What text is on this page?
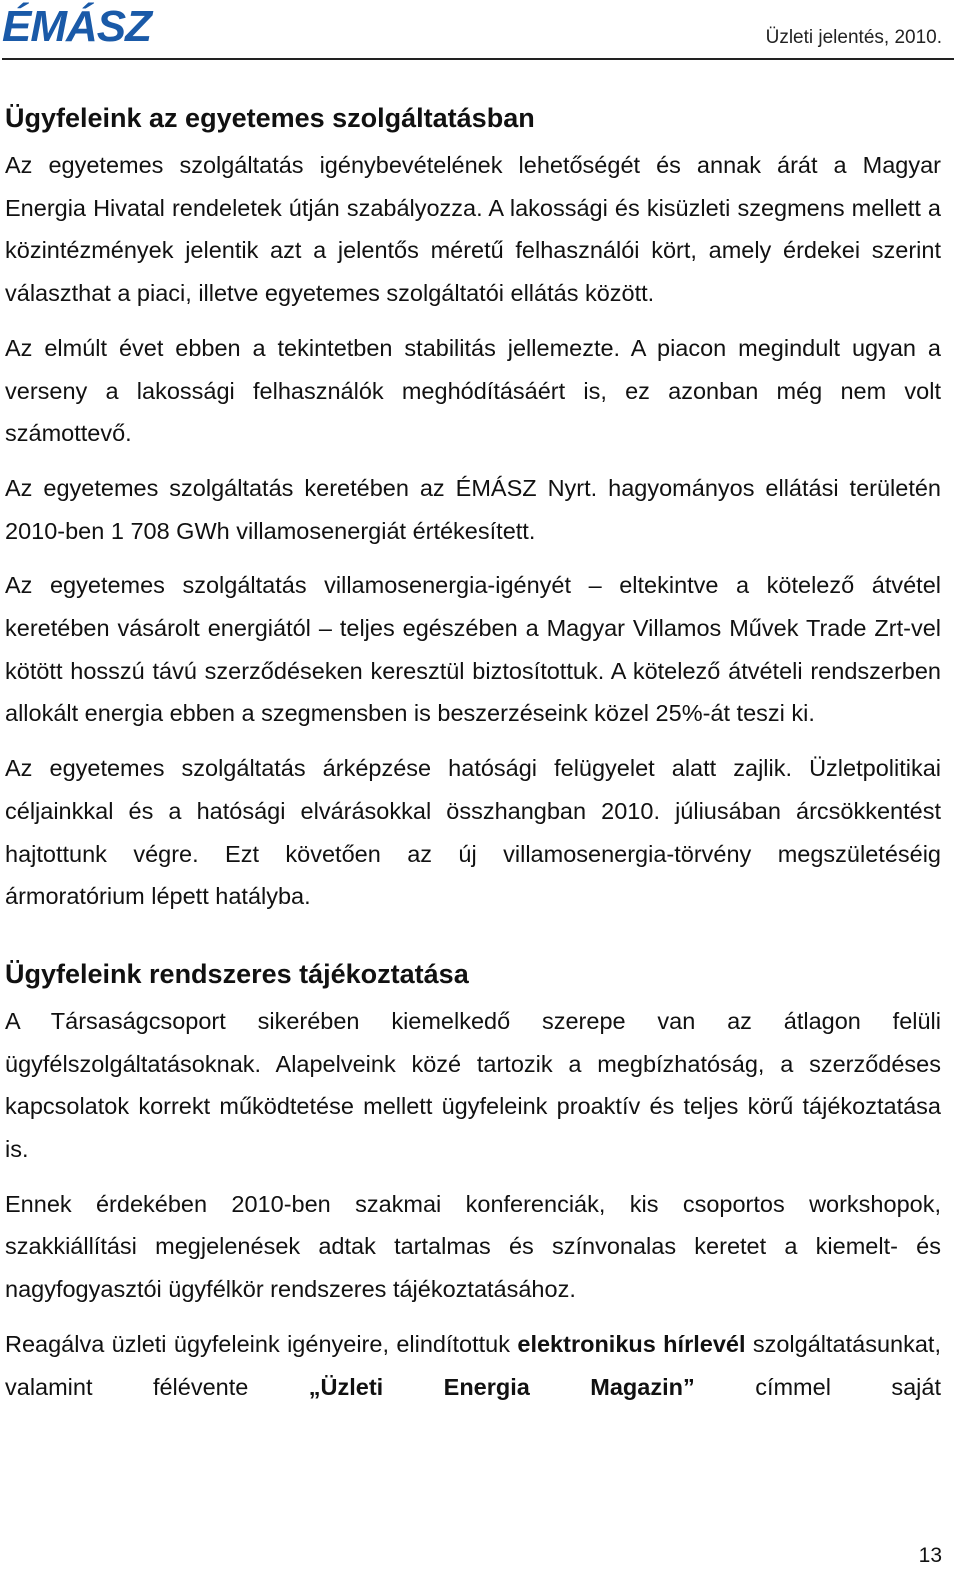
ÉMÁSZ	Üzleti jelentés, 2010.
Ügyfeleink az egyetemes szolgáltatásban

Az egyetemes szolgáltatás igénybevételének lehetőségét és annak árát a Magyar Energia Hivatal rendeletek útján szabályozza. A lakossági és kisüzleti szegmens mellett a közintézmények jelentik azt a jelentős méretű felhasználói kört, amely érdekei szerint választhat a piaci, illetve egyetemes szolgáltatói ellátás között.

Az elmúlt évet ebben a tekintetben stabilitás jellemezte. A piacon megindult ugyan a verseny a lakossági felhasználók meghódításáért is, ez azonban még nem volt számottevő.

Az egyetemes szolgáltatás keretében az ÉMÁSZ Nyrt. hagyományos ellátási területén 2010-ben 1 708 GWh villamosenergiát értékesített.

Az egyetemes szolgáltatás villamosenergia-igényét – eltekintve a kötelező átvétel keretében vásárolt energiától – teljes egészében a Magyar Villamos Művek Trade Zrt-vel kötött hosszú távú szerződéseken keresztül biztosítottuk. A kötelező átvételi rendszerben allokált energia ebben a szegmensben is beszerzéseink közel 25%-át teszi ki.

Az egyetemes szolgáltatás árképzése hatósági felügyelet alatt zajlik. Üzletpolitikai céljainkkal és a hatósági elvárásokkal összhangban 2010. júliusában árcsökkentést hajtottunk végre. Ezt követően az új villamosenergia-törvény megszületéséig ármoratórium lépett hatályba.

Ügyfeleink rendszeres tájékoztatása

A Társaságcsoport sikerében kiemelkedő szerepe van az átlagon felüli ügyfélszolgáltatásoknak. Alapelveink közé tartozik a megbízhatóság, a szerződéses kapcsolatok korrekt működtetése mellett ügyfeleink proaktív és teljes körű tájékoztatása is.

Ennek érdekében 2010-ben szakmai konferenciák, kis csoportos workshopok, szakkiállítási megjelenések adtak tartalmas és színvonalas keretet a kiemelt- és nagyfogyasztói ügyfélkör rendszeres tájékoztatásához.

Reagálva üzleti ügyfeleink igényeire, elindítottuk elektronikus hírlevél szolgáltatásunkat, valamint félévente „Üzleti Energia Magazin” címmel saját

13
